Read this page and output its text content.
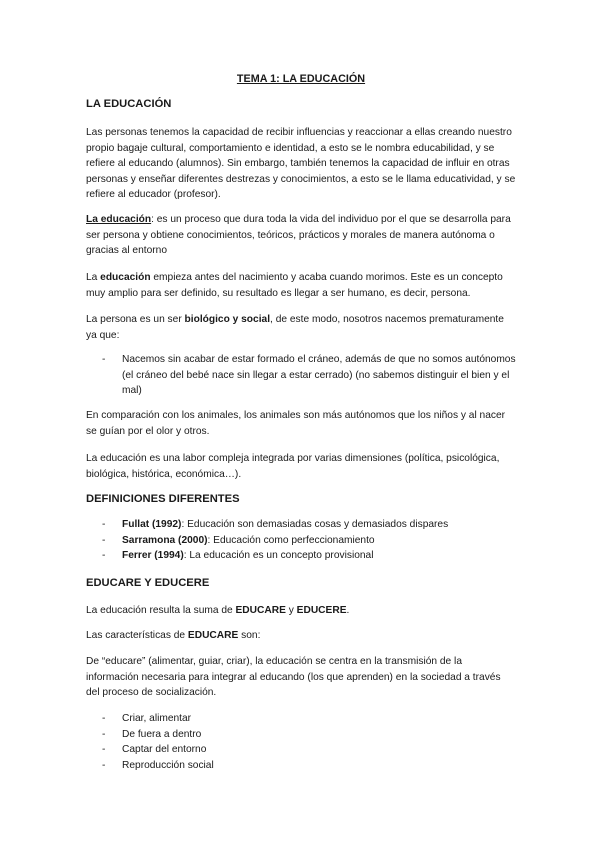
TEMA 1: LA EDUCACIÓN
LA EDUCACIÓN
Las personas tenemos la capacidad de recibir influencias y reaccionar a ellas creando nuestro propio bagaje cultural, comportamiento e identidad, a esto se le nombra educabilidad, y se refiere al educando (alumnos). Sin embargo, también tenemos la capacidad de influir en otras personas y enseñar diferentes destrezas y conocimientos, a esto se le llama educatividad, y se refiere al educador (profesor).
La educación: es un proceso que dura toda la vida del individuo por el que se desarrolla para ser persona y obtiene conocimientos, teóricos, prácticos y morales de manera autónoma o gracias al entorno
La educación empieza antes del nacimiento y acaba cuando morimos. Este es un concepto muy amplio para ser definido, su resultado es llegar a ser humano, es decir, persona.
La persona es un ser biológico y social, de este modo, nosotros nacemos prematuramente ya que:
- Nacemos sin acabar de estar formado el cráneo, además de que no somos autónomos (el cráneo del bebé nace sin llegar a estar cerrado) (no sabemos distinguir el bien y el mal)
En comparación con los animales, los animales son más autónomos que los niños y al nacer se guían por el olor y otros.
La educación es una labor compleja integrada por varias dimensiones (política, psicológica, biológica, histórica, económica…).
DEFINICIONES DIFERENTES
- Fullat (1992): Educación son demasiadas cosas y demasiados dispares
- Sarramona (2000): Educación como perfeccionamiento
- Ferrer (1994): La educación es un concepto provisional
EDUCARE Y EDUCERE
La educación resulta la suma de EDUCARE y EDUCERE.
Las características de EDUCARE son:
De “educare” (alimentar, guiar, criar), la educación se centra en la transmisión de la información necesaria para integrar al educando (los que aprenden) en la sociedad a través del proceso de socialización.
- Criar, alimentar
- De fuera a dentro
- Captar del entorno
- Reproducción social
